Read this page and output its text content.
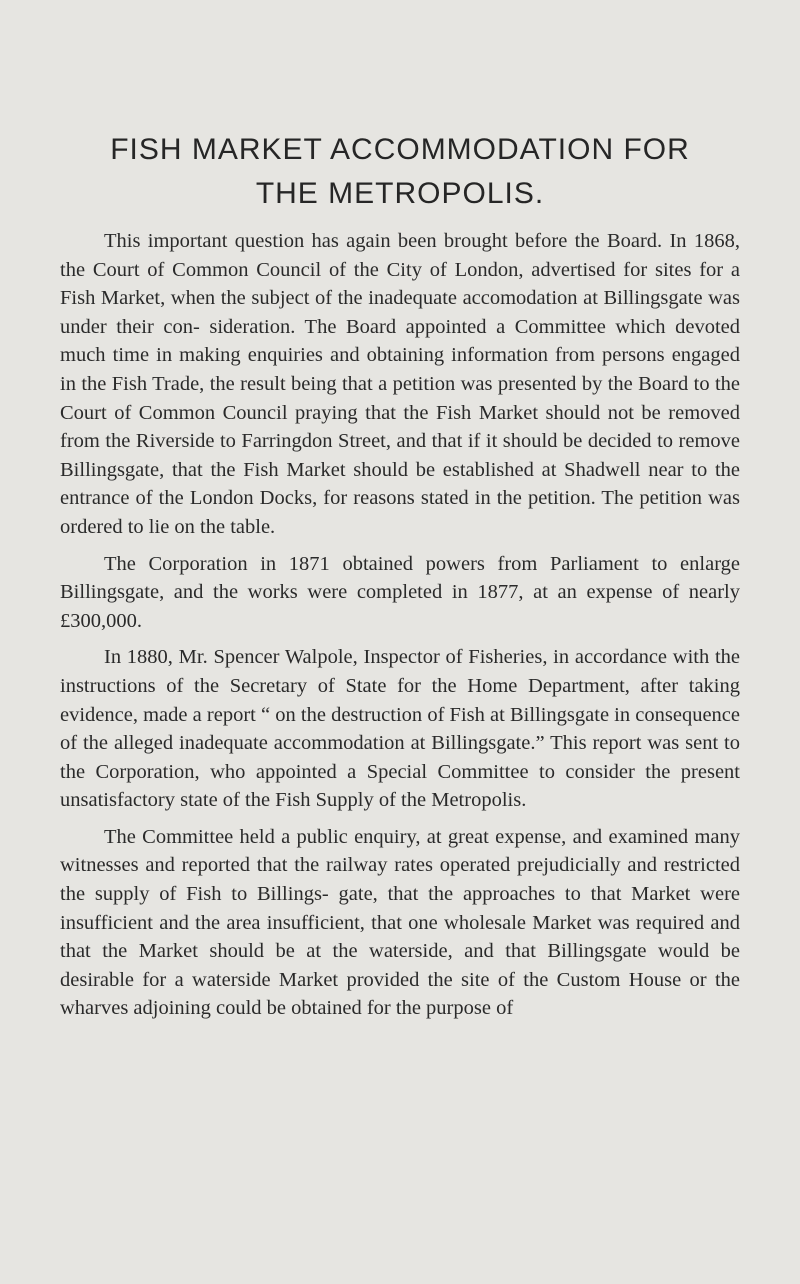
FISH MARKET ACCOMMODATION FOR
THE METROPOLIS.

This important question has again been brought before the Board. In 1868, the Court of Common Council of the City of London, advertised for sites for a Fish Market, when the subject of the inadequate accomodation at Billingsgate was under their con- sideration. The Board appointed a Committee which devoted much time in making enquiries and obtaining information from persons engaged in the Fish Trade, the result being that a petition was presented by the Board to the Court of Common Council praying that the Fish Market should not be removed from the Riverside to Farringdon Street, and that if it should be decided to remove Billingsgate, that the Fish Market should be established at Shadwell near to the entrance of the London Docks, for reasons stated in the petition. The petition was ordered to lie on the table.

The Corporation in 1871 obtained powers from Parliament to enlarge Billingsgate, and the works were completed in 1877, at an expense of nearly £300,000.

In 1880, Mr. Spencer Walpole, Inspector of Fisheries, in accordance with the instructions of the Secretary of State for the Home Department, after taking evidence, made a report “ on the destruction of Fish at Billingsgate in consequence of the alleged inadequate accommodation at Billingsgate.” This report was sent to the Corporation, who appointed a Special Committee to consider the present unsatisfactory state of the Fish Supply of the Metropolis.

The Committee held a public enquiry, at great expense, and examined many witnesses and reported that the railway rates operated prejudicially and restricted the supply of Fish to Billings- gate, that the approaches to that Market were insufficient and the area insufficient, that one wholesale Market was required and that the Market should be at the waterside, and that Billingsgate would be desirable for a waterside Market provided the site of the Custom House or the wharves adjoining could be obtained for the purpose of
